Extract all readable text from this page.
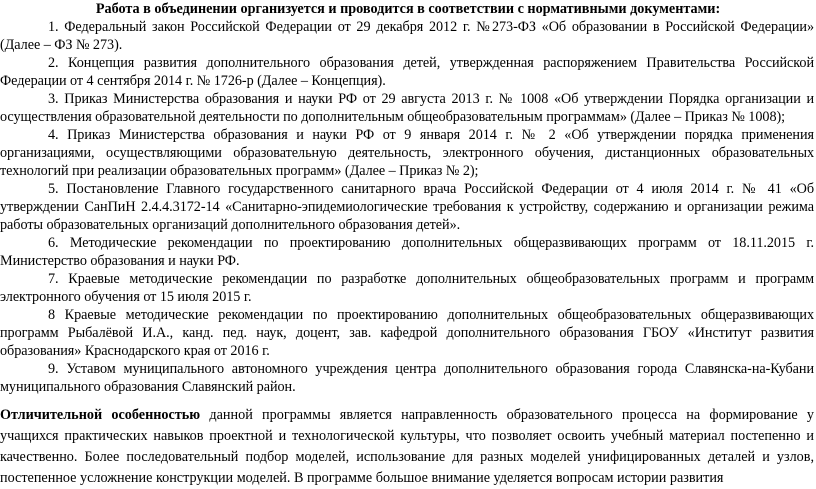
Работа в объединении организуется и проводится в соответствии с нормативными документами:

1. Федеральный закон Российской Федерации от 29 декабря 2012 г. №273-ФЗ «Об образовании в Российской Федерации» (Далее – ФЗ № 273).

2. Концепция развития дополнительного образования детей, утвержденная распоряжением Правительства Российской Федерации от 4 сентября 2014 г. № 1726-р (Далее – Концепция).

3. Приказ Министерства образования и науки РФ от 29 августа 2013 г. № 1008 «Об утверждении Порядка организации и осуществления образовательной деятельности по дополнительным общеобразовательным программам» (Далее – Приказ № 1008);

4. Приказ Министерства образования и науки РФ от 9 января 2014 г. № 2 «Об утверждении порядка применения организациями, осуществляющими образовательную деятельность, электронного обучения, дистанционных образовательных технологий при реализации образовательных программ» (Далее – Приказ № 2);

5. Постановление Главного государственного санитарного врача Российской Федерации от 4 июля 2014 г. № 41 «Об утверждении СанПиН 2.4.4.3172-14 «Санитарно-эпидемиологические требования к устройству, содержанию и организации режима работы образовательных организаций дополнительного образования детей».

6. Методические рекомендации по проектированию дополнительных общеразвивающих программ от 18.11.2015 г. Министерство образования и науки РФ.

7. Краевые методические рекомендации по разработке дополнительных общеобразовательных программ и программ электронного обучения от 15 июля 2015 г.

8 Краевые методические рекомендации по проектированию дополнительных общеобразовательных общеразвивающих программ Рыбалёвой И.А., канд. пед. наук, доцент, зав. кафедрой дополнительного образования ГБОУ «Институт развития образования» Краснодарского края от 2016 г.

9. Уставом муниципального автономного учреждения центра дополнительного образования города Славянска-на-Кубани муниципального образования Славянский район.

Отличительной особенностью данной программы является направленность образовательного процесса на формирование у учащихся практических навыков проектной и технологической культуры, что позволяет освоить учебный материал постепенно и качественно. Более последовательный подбор моделей, использование для разных моделей унифицированных деталей и узлов, постепенное усложнение конструкции моделей. В программе большое внимание уделяется вопросам истории развития
